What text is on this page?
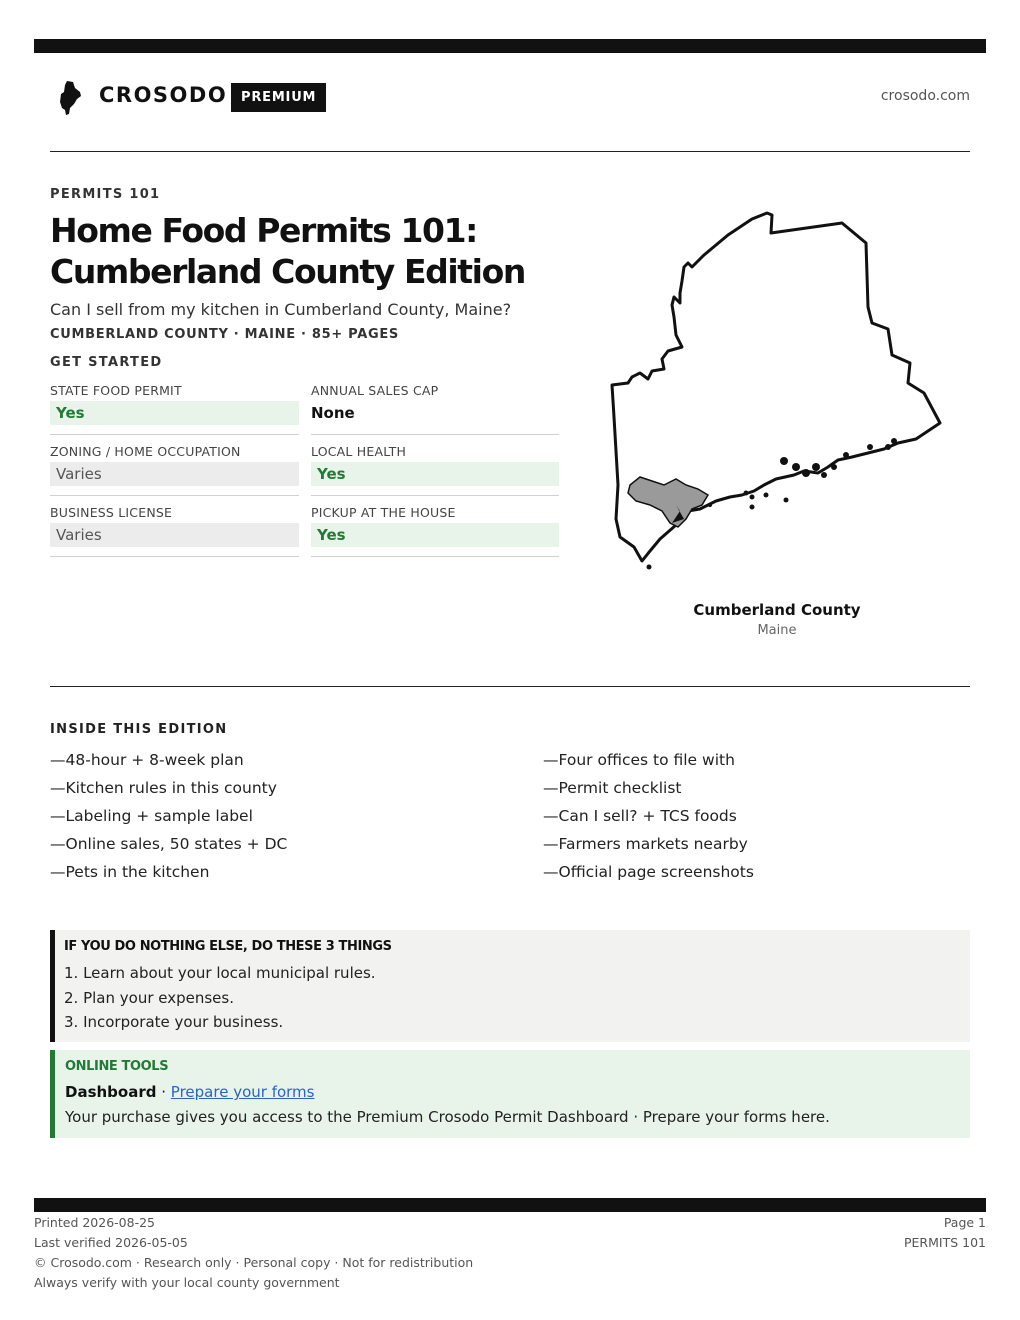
CROSODO	PREMIUM	crosodo.com
PERMITS 101
Home Food Permits 101:
Cumberland County Edition
Can I sell from my kitchen in Cumberland County, Maine?
CUMBERLAND COUNTY · MAINE · 85+ PAGES
GET STARTED
STATE FOOD PERMIT
Yes
ANNUAL SALES CAP
None
ZONING / HOME OCCUPATION
Varies
LOCAL HEALTH
Yes
BUSINESS LICENSE
Varies
PICKUP AT THE HOUSE
Yes
Cumberland County
Maine
INSIDE THIS EDITION
—48-hour + 8-week plan
—Kitchen rules in this county
—Labeling + sample label
—Online sales, 50 states + DC
—Pets in the kitchen
—Four offices to file with
—Permit checklist
—Can I sell? + TCS foods
—Farmers markets nearby
—Official page screenshots
IF YOU DO NOTHING ELSE, DO THESE 3 THINGS
1. Learn about your local municipal rules.
2. Plan your expenses.
3. Incorporate your business.
ONLINE TOOLS
Dashboard · Prepare your forms
Your purchase gives you access to the Premium Crosodo Permit Dashboard · Prepare your forms here.
Printed 2026-08-25
Last verified 2026-05-05
© Crosodo.com · Research only · Personal copy · Not for redistribution
Always verify with your local county government
Page 1
PERMITS 101
